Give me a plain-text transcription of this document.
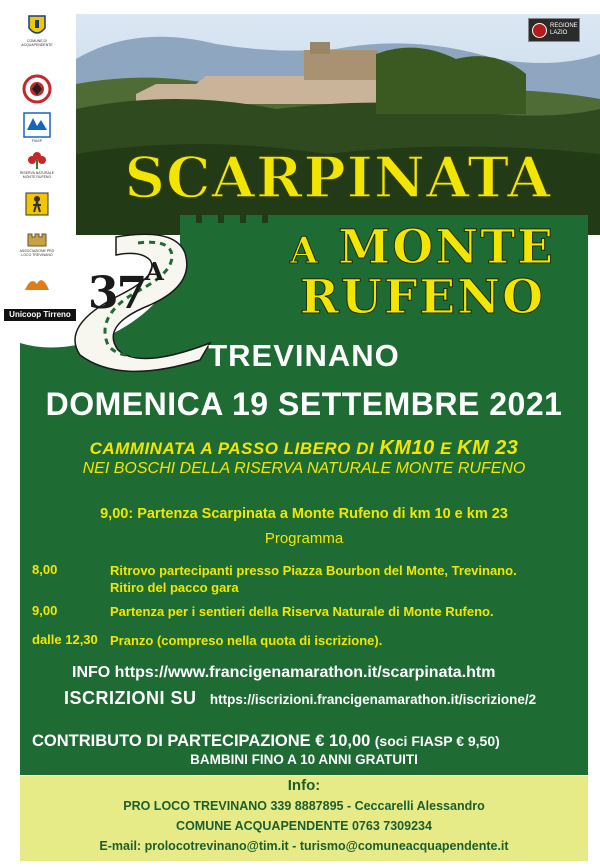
COMUNE DI ACQUAPENDENTE
FIASP
RISERVA NATURALE MONTE RUFENO
ASSOCIAZIONE PRO LOCO TREVINANO
Unicoop Tirreno
REGIONE
LAZIO
SCARPINATA
$37^A$	A MONTE
RUFENO
TREVINANO
DOMENICA 19 SETTEMBRE 2021
CAMMINATA A PASSO LIBERO DI KM10 E KM 23
NEI BOSCHI DELLA RISERVA NATURALE MONTE RUFENO
9,00: Partenza Scarpinata a Monte Rufeno di km 10 e km 23
Programma
8,00	Ritrovo partecipanti presso Piazza Bourbon del Monte, Trevinano.
Ritiro del pacco gara
9,00	Partenza per i sentieri della Riserva Naturale di Monte Rufeno.
dalle 12,30 Pranzo (compreso nella quota di iscrizione).
INFO https://www.francigenamarathon.it/scarpinata.htm
ISCRIZIONI SU https://iscrizioni.francigenamarathon.it/iscrizione/2
CONTRIBUTO DI PARTECIPAZIONE € 10,00 (soci FIASP € 9,50)
BAMBINI FINO A 10 ANNI GRATUITI
Info:
PRO LOCO TREVINANO 339 8887895 - Ceccarelli Alessandro
COMUNE ACQUAPENDENTE 0763 7309234
E-mail: prolocotrevinano@tim.it - turismo@comuneacquapendente.it
